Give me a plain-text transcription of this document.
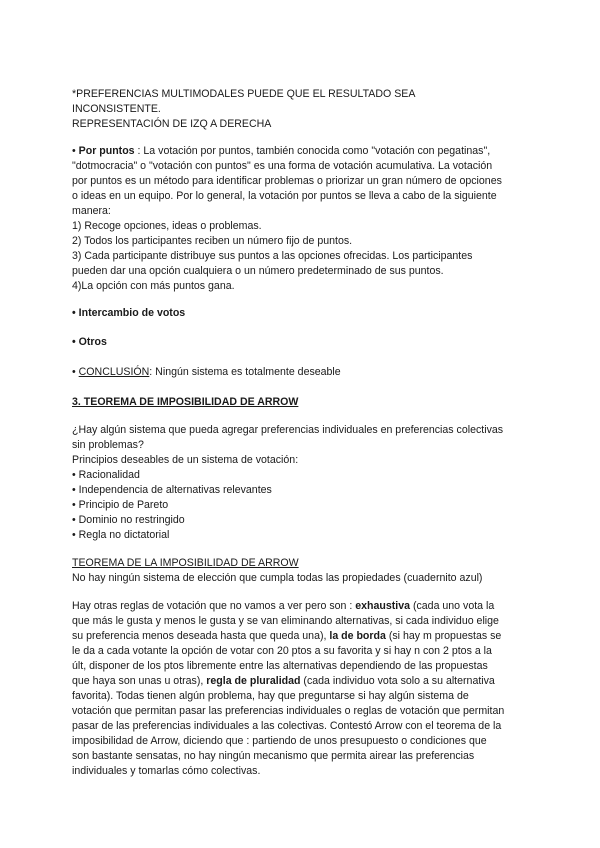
*PREFERENCIAS MULTIMODALES PUEDE QUE EL RESULTADO SEA
INCONSISTENTE.
REPRESENTACIÓN DE IZQ A DERECHA
• Por puntos : La votación por puntos, también conocida como "votación con pegatinas",
"dotmocracia" o "votación con puntos" es una forma de votación acumulativa. La votación
por puntos es un método para identificar problemas o priorizar un gran número de opciones
o ideas en un equipo. Por lo general, la votación por puntos se lleva a cabo de la siguiente
manera:
1) Recoge opciones, ideas o problemas.
2) Todos los participantes reciben un número fijo de puntos.
3) Cada participante distribuye sus puntos a las opciones ofrecidas. Los participantes
pueden dar una opción cualquiera o un número predeterminado de sus puntos.
4)La opción con más puntos gana.
• Intercambio de votos
• Otros
• CONCLUSIÓN: Ningún sistema es totalmente deseable
3. TEOREMA DE IMPOSIBILIDAD DE ARROW
¿Hay algún sistema que pueda agregar preferencias individuales en preferencias colectivas
sin problemas?
Principios deseables de un sistema de votación:
• Racionalidad
• Independencia de alternativas relevantes
• Principio de Pareto
• Dominio no restringido
• Regla no dictatorial
TEOREMA DE LA IMPOSIBILIDAD DE ARROW
No hay ningún sistema de elección que cumpla todas las propiedades (cuadernito azul)
Hay otras reglas de votación que no vamos a ver pero son : exhaustiva (cada uno vota la
que más le gusta y menos le gusta y se van eliminando alternativas, si cada individuo elige
su preferencia menos deseada hasta que queda una), la de borda (si hay m propuestas se
le da a cada votante la opción de votar con 20 ptos a su favorita y si hay n con 2 ptos a la
últ, disponer de los ptos libremente entre las alternativas dependiendo de las propuestas
que haya son unas u otras), regla de pluralidad (cada individuo vota solo a su alternativa
favorita). Todas tienen algún problema, hay que preguntarse si hay algún sistema de
votación que permitan pasar las preferencias individuales o reglas de votación que permitan
pasar de las preferencias individuales a las colectivas. Contestó Arrow con el teorema de la
imposibilidad de Arrow, diciendo que : partiendo de unos presupuesto o condiciones que
son bastante sensatas, no hay ningún mecanismo que permita airear las preferencias
individuales y tomarlas cómo colectivas.
